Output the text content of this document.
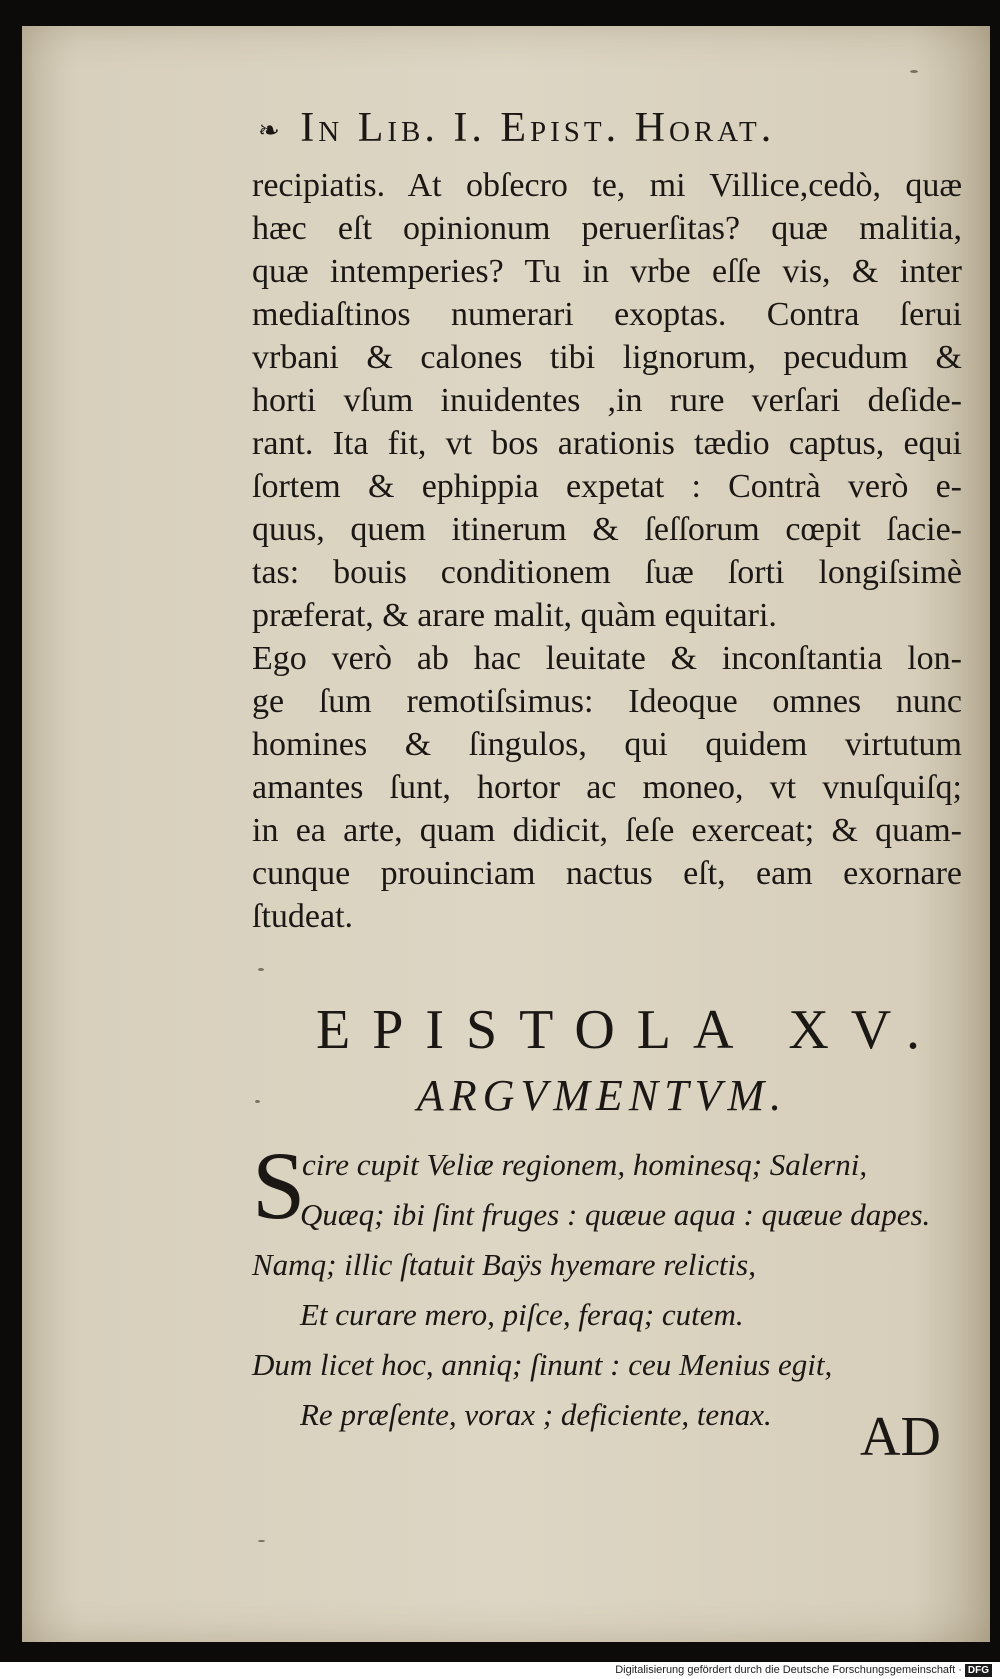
❧ In Lib. I. Epist. Horat.
recipiatis. At obſecro te, mi Villice,cedò, quæ
hæc eſt opinionum peruerſitas? quæ malitia,
quæ intemperies? Tu in vrbe eſſe vis, & inter
mediaſtinos numerari exoptas. Contra ſerui
vrbani & calones tibi lignorum, pecudum &
horti vſum inuidentes ,in rure verſari deſide-
rant. Ita fit, vt bos arationis tædio captus, equi
ſortem & ephippia expetat : Contrà verò e-
quus, quem itinerum & ſeſſorum cœpit ſacie-
tas: bouis conditionem ſuæ ſorti longiſsimè
præferat, & arare malit, quàm equitari.
Ego verò ab hac leuitate & inconſtantia lon-
ge ſum remotiſsimus: Ideoque omnes nunc
homines & ſingulos, qui quidem virtutum
amantes ſunt, hortor ac moneo, vt vnuſquiſq;
in ea arte, quam didicit, ſeſe exerceat; & quam-
cunque prouinciam nactus eſt, eam exornare
ſtudeat.
EPISTOLA XV.
ARGVMENTVM.
S
cire cupit Veliæ regionem, hominesq; Salerni,
Quæq; ibi ſint fruges : quæue aqua : quæue dapes.
Namq; illic ſtatuit Baÿs hyemare relictis,
Et curare mero, piſce, feraq; cutem.
Dum licet hoc, anniq; ſinunt : ceu Menius egit,
Re præſente, vorax ; deficiente, tenax.	AD
Digitalisierung gefördert durch die Deutsche Forschungsgemeinschaft · DFG
